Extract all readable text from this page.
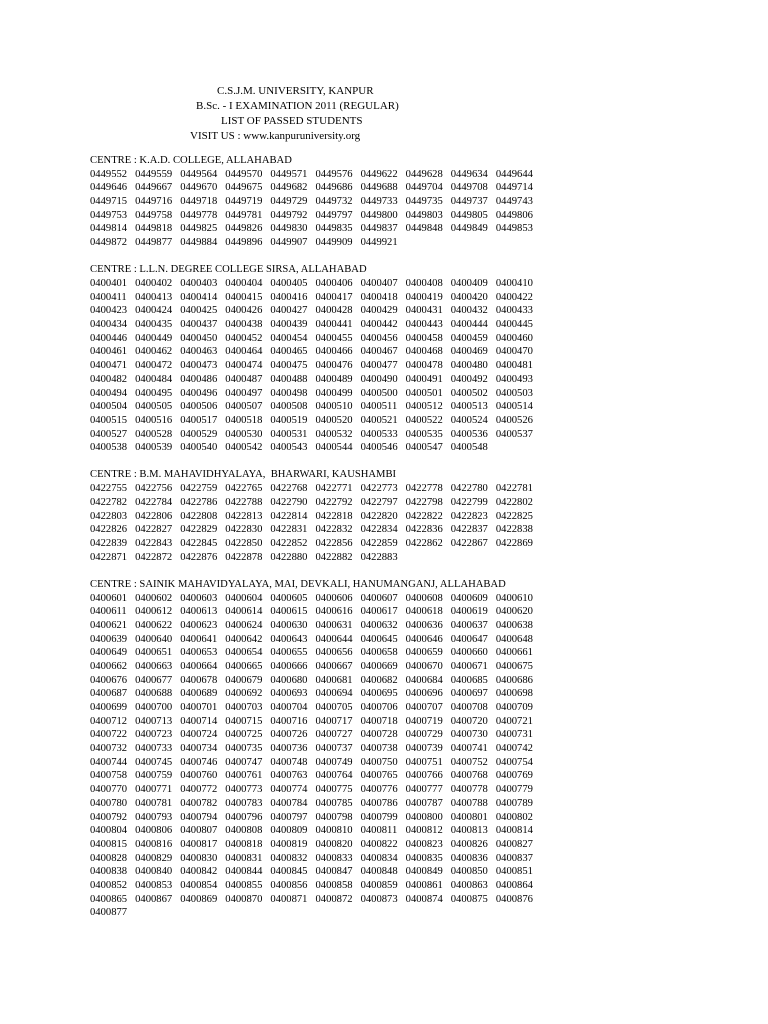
C.S.J.M. UNIVERSITY, KANPUR
B.Sc. - I EXAMINATION 2011 (REGULAR)
LIST OF PASSED STUDENTS
VISIT US : www.kanpuruniversity.org
CENTRE : K.A.D. COLLEGE, ALLAHABAD
0449552 0449559 0449564 0449570 0449571 0449576 0449622 0449628 0449634 0449644
0449646 0449667 0449670 0449675 0449682 0449686 0449688 0449704 0449708 0449714
0449715 0449716 0449718 0449719 0449729 0449732 0449733 0449735 0449737 0449743
0449753 0449758 0449778 0449781 0449792 0449797 0449800 0449803 0449805 0449806
0449814 0449818 0449825 0449826 0449830 0449835 0449837 0449848 0449849 0449853
0449872 0449877 0449884 0449896 0449907 0449909 0449921
CENTRE : L.L.N. DEGREE COLLEGE SIRSA, ALLAHABAD
0400401 0400402 0400403 0400404 0400405 0400406 0400407 0400408 0400409 0400410
0400411 0400413 0400414 0400415 0400416 0400417 0400418 0400419 0400420 0400422
0400423 0400424 0400425 0400426 0400427 0400428 0400429 0400431 0400432 0400433
0400434 0400435 0400437 0400438 0400439 0400441 0400442 0400443 0400444 0400445
0400446 0400449 0400450 0400452 0400454 0400455 0400456 0400458 0400459 0400460
0400461 0400462 0400463 0400464 0400465 0400466 0400467 0400468 0400469 0400470
0400471 0400472 0400473 0400474 0400475 0400476 0400477 0400478 0400480 0400481
0400482 0400484 0400486 0400487 0400488 0400489 0400490 0400491 0400492 0400493
0400494 0400495 0400496 0400497 0400498 0400499 0400500 0400501 0400502 0400503
0400504 0400505 0400506 0400507 0400508 0400510 0400511 0400512 0400513 0400514
0400515 0400516 0400517 0400518 0400519 0400520 0400521 0400522 0400524 0400526
0400527 0400528 0400529 0400530 0400531 0400532 0400533 0400535 0400536 0400537
0400538 0400539 0400540 0400542 0400543 0400544 0400546 0400547 0400548
CENTRE : B.M. MAHAVIDHYALAYA,  BHARWARI, KAUSHAMBI
0422755 0422756 0422759 0422765 0422768 0422771 0422773 0422778 0422780 0422781
0422782 0422784 0422786 0422788 0422790 0422792 0422797 0422798 0422799 0422802
0422803 0422806 0422808 0422813 0422814 0422818 0422820 0422822 0422823 0422825
0422826 0422827 0422829 0422830 0422831 0422832 0422834 0422836 0422837 0422838
0422839 0422843 0422845 0422850 0422852 0422856 0422859 0422862 0422867 0422869
0422871 0422872 0422876 0422878 0422880 0422882 0422883
CENTRE : SAINIK MAHAVIDYALAYA, MAI, DEVKALI, HANUMANGANJ, ALLAHABAD
0400601 0400602 0400603 0400604 0400605 0400606 0400607 0400608 0400609 0400610
0400611 0400612 0400613 0400614 0400615 0400616 0400617 0400618 0400619 0400620
0400621 0400622 0400623 0400624 0400630 0400631 0400632 0400636 0400637 0400638
0400639 0400640 0400641 0400642 0400643 0400644 0400645 0400646 0400647 0400648
0400649 0400651 0400653 0400654 0400655 0400656 0400658 0400659 0400660 0400661
0400662 0400663 0400664 0400665 0400666 0400667 0400669 0400670 0400671 0400675
0400676 0400677 0400678 0400679 0400680 0400681 0400682 0400684 0400685 0400686
0400687 0400688 0400689 0400692 0400693 0400694 0400695 0400696 0400697 0400698
0400699 0400700 0400701 0400703 0400704 0400705 0400706 0400707 0400708 0400709
0400712 0400713 0400714 0400715 0400716 0400717 0400718 0400719 0400720 0400721
0400722 0400723 0400724 0400725 0400726 0400727 0400728 0400729 0400730 0400731
0400732 0400733 0400734 0400735 0400736 0400737 0400738 0400739 0400741 0400742
0400744 0400745 0400746 0400747 0400748 0400749 0400750 0400751 0400752 0400754
0400758 0400759 0400760 0400761 0400763 0400764 0400765 0400766 0400768 0400769
0400770 0400771 0400772 0400773 0400774 0400775 0400776 0400777 0400778 0400779
0400780 0400781 0400782 0400783 0400784 0400785 0400786 0400787 0400788 0400789
0400792 0400793 0400794 0400796 0400797 0400798 0400799 0400800 0400801 0400802
0400804 0400806 0400807 0400808 0400809 0400810 0400811 0400812 0400813 0400814
0400815 0400816 0400817 0400818 0400819 0400820 0400822 0400823 0400826 0400827
0400828 0400829 0400830 0400831 0400832 0400833 0400834 0400835 0400836 0400837
0400838 0400840 0400842 0400844 0400845 0400847 0400848 0400849 0400850 0400851
0400852 0400853 0400854 0400855 0400856 0400858 0400859 0400861 0400863 0400864
0400865 0400867 0400869 0400870 0400871 0400872 0400873 0400874 0400875 0400876
0400877
